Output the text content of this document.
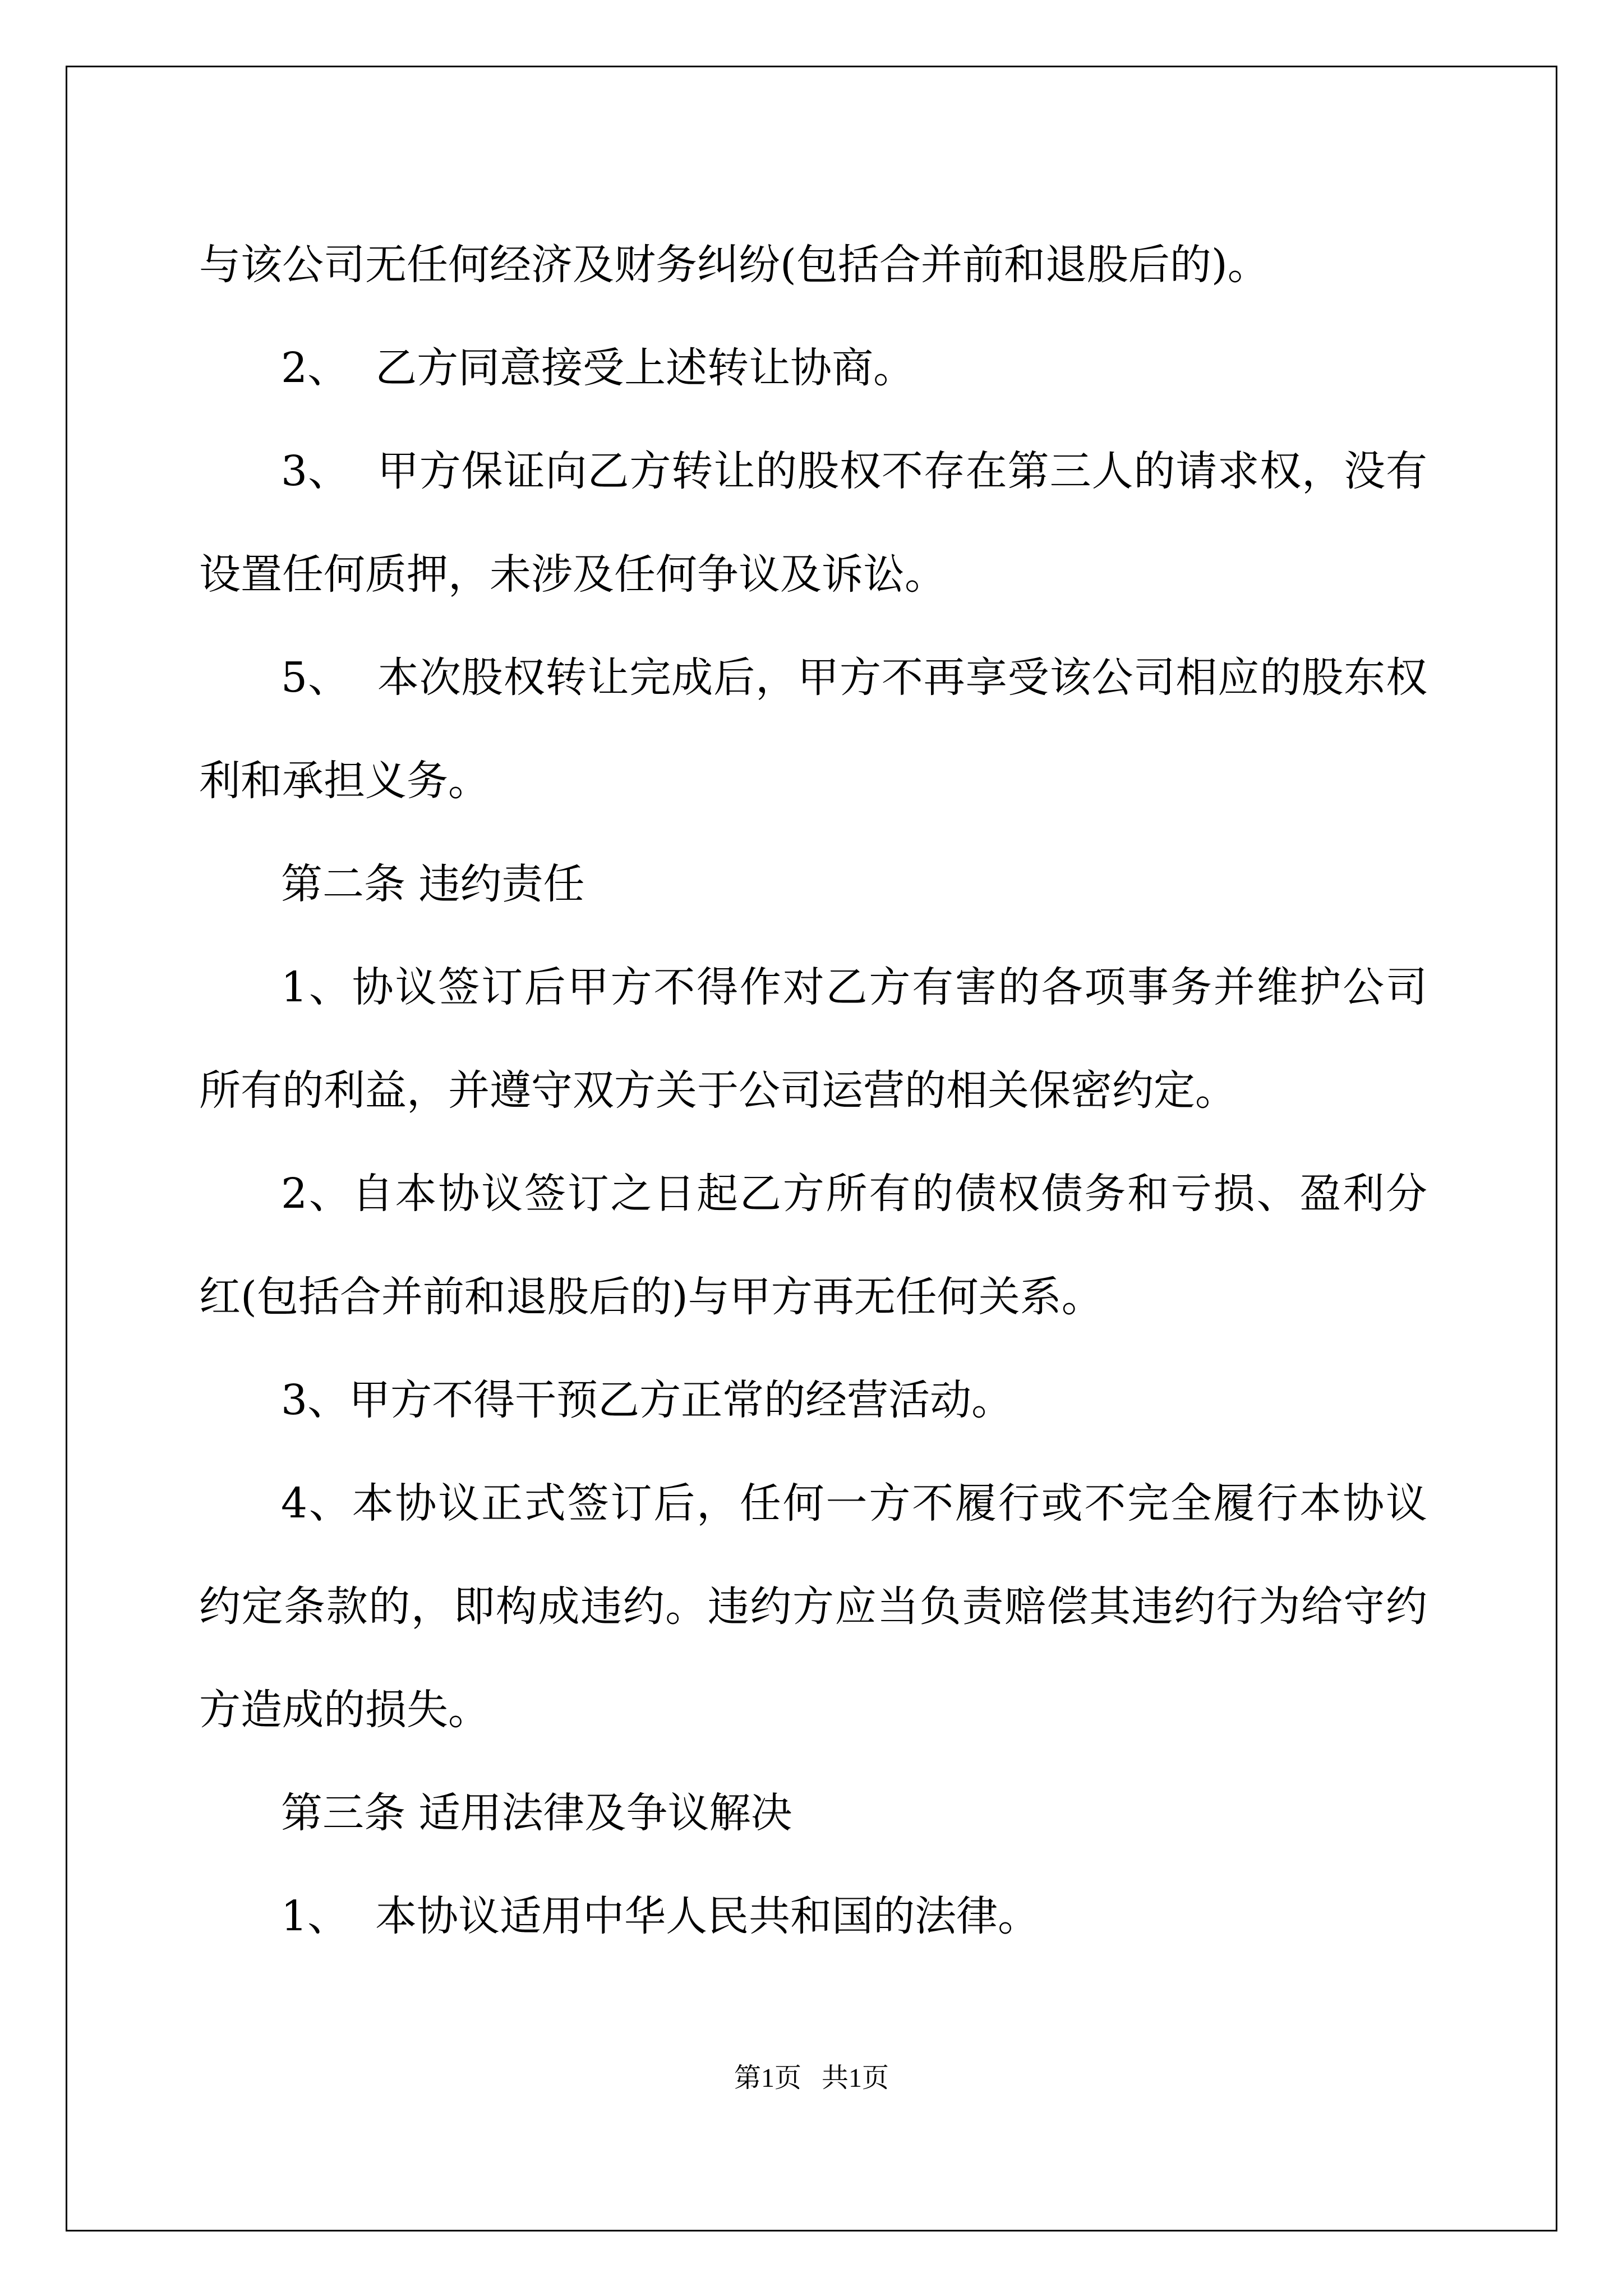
与该公司无任何经济及财务纠纷(包括合并前和退股后的)。

2、  乙方同意接受上述转让协商。

3、  甲方保证向乙方转让的股权不存在第三人的请求权，没有设置任何质押，未涉及任何争议及诉讼。

5、  本次股权转让完成后，甲方不再享受该公司相应的股东权利和承担义务。

第二条 违约责任

1、协议签订后甲方不得作对乙方有害的各项事务并维护公司所有的利益，并遵守双方关于公司运营的相关保密约定。

2、自本协议签订之日起乙方所有的债权债务和亏损、盈利分红(包括合并前和退股后的)与甲方再无任何关系。

3、甲方不得干预乙方正常的经营活动。

4、本协议正式签订后，任何一方不履行或不完全履行本协议约定条款的，即构成违约。违约方应当负责赔偿其违约行为给守约方造成的损失。

第三条 适用法律及争议解决

1、  本协议适用中华人民共和国的法律。

第1页   共1页
